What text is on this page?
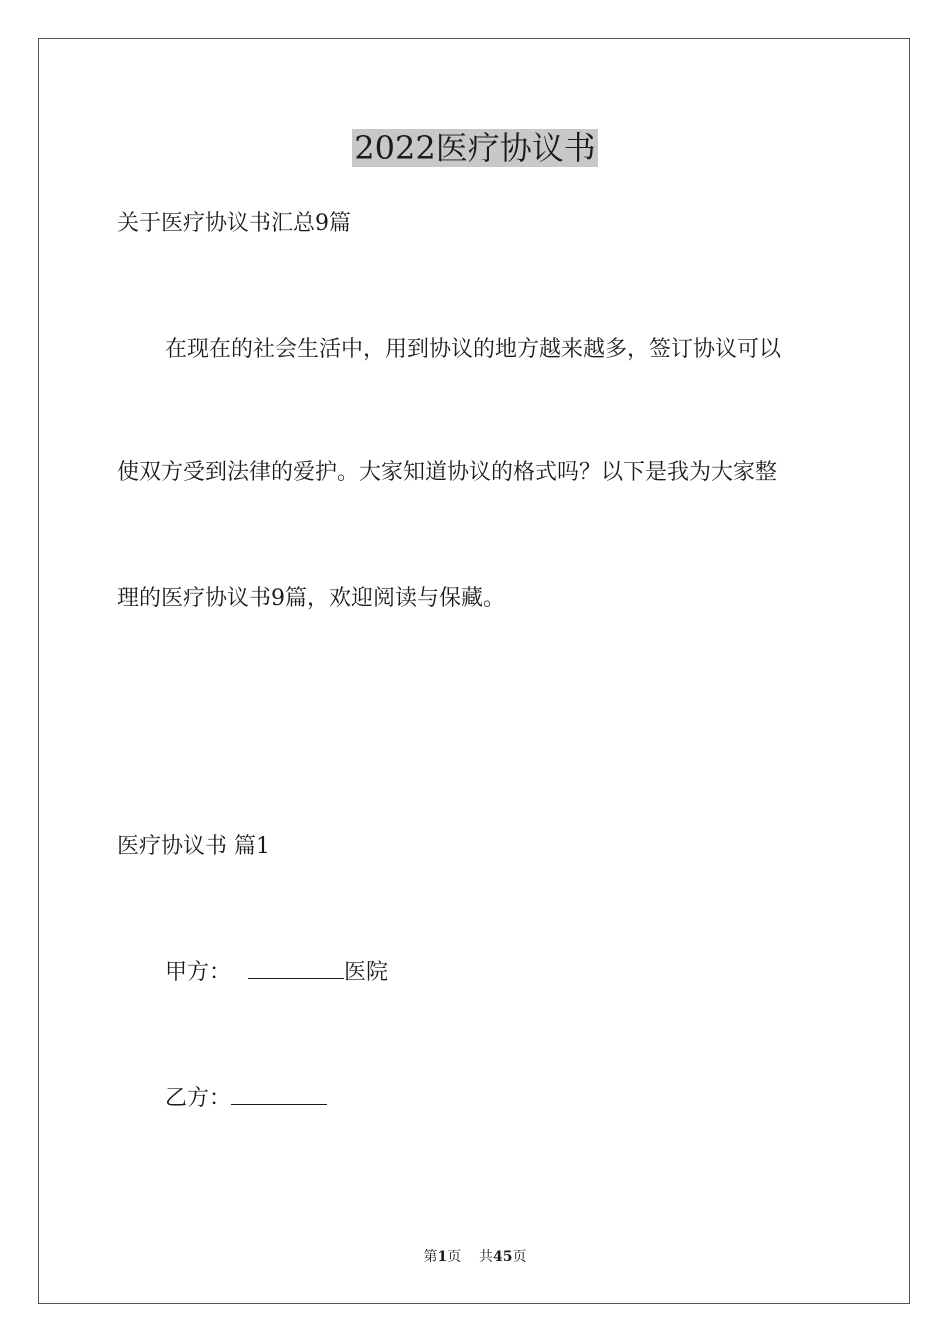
2022医疗协议书
关于医疗协议书汇总9篇
在现在的社会生活中，用到协议的地方越来越多，签订协议可以
使双方受到法律的爱护。大家知道协议的格式吗？以下是我为大家整
理的医疗协议书9篇，欢迎阅读与保藏。
医疗协议书 篇1
甲方：	医院
乙方：
第1页 共45页
